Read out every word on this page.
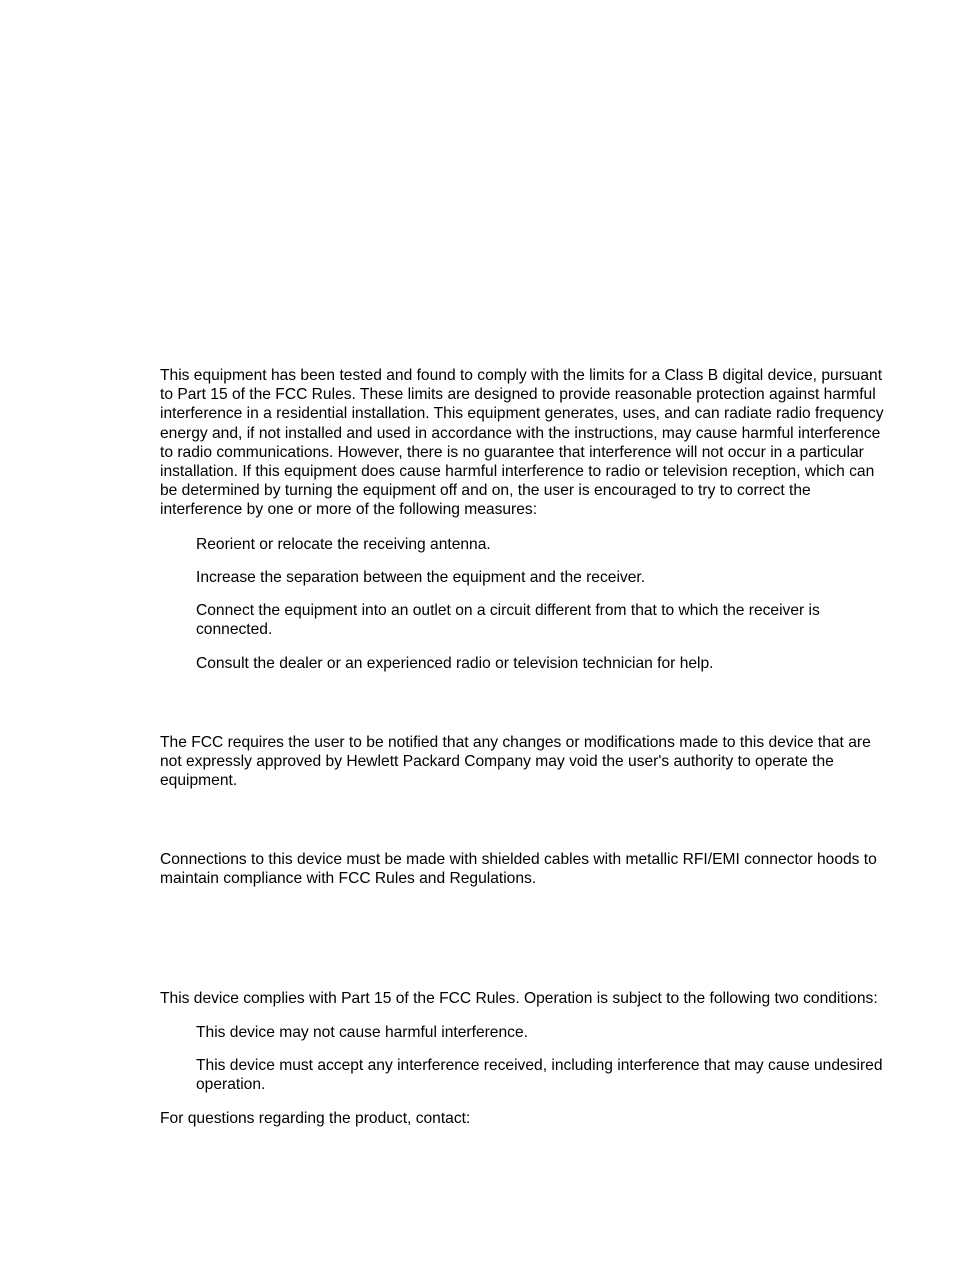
This equipment has been tested and found to comply with the limits for a Class B digital device, pursuant to Part 15 of the FCC Rules. These limits are designed to provide reasonable protection against harmful interference in a residential installation. This equipment generates, uses, and can radiate radio frequency energy and, if not installed and used in accordance with the instructions, may cause harmful interference to radio communications. However, there is no guarantee that interference will not occur in a particular installation. If this equipment does cause harmful interference to radio or television reception, which can be determined by turning the equipment off and on, the user is encouraged to try to correct the interference by one or more of the following measures:

Reorient or relocate the receiving antenna.

Increase the separation between the equipment and the receiver.

Connect the equipment into an outlet on a circuit different from that to which the receiver is connected.

Consult the dealer or an experienced radio or television technician for help.

The FCC requires the user to be notified that any changes or modifications made to this device that are not expressly approved by Hewlett Packard Company may void the user's authority to operate the equipment.

Connections to this device must be made with shielded cables with metallic RFI/EMI connector hoods to maintain compliance with FCC Rules and Regulations.

This device complies with Part 15 of the FCC Rules. Operation is subject to the following two conditions:

This device may not cause harmful interference.

This device must accept any interference received, including interference that may cause undesired operation.

For questions regarding the product, contact:
